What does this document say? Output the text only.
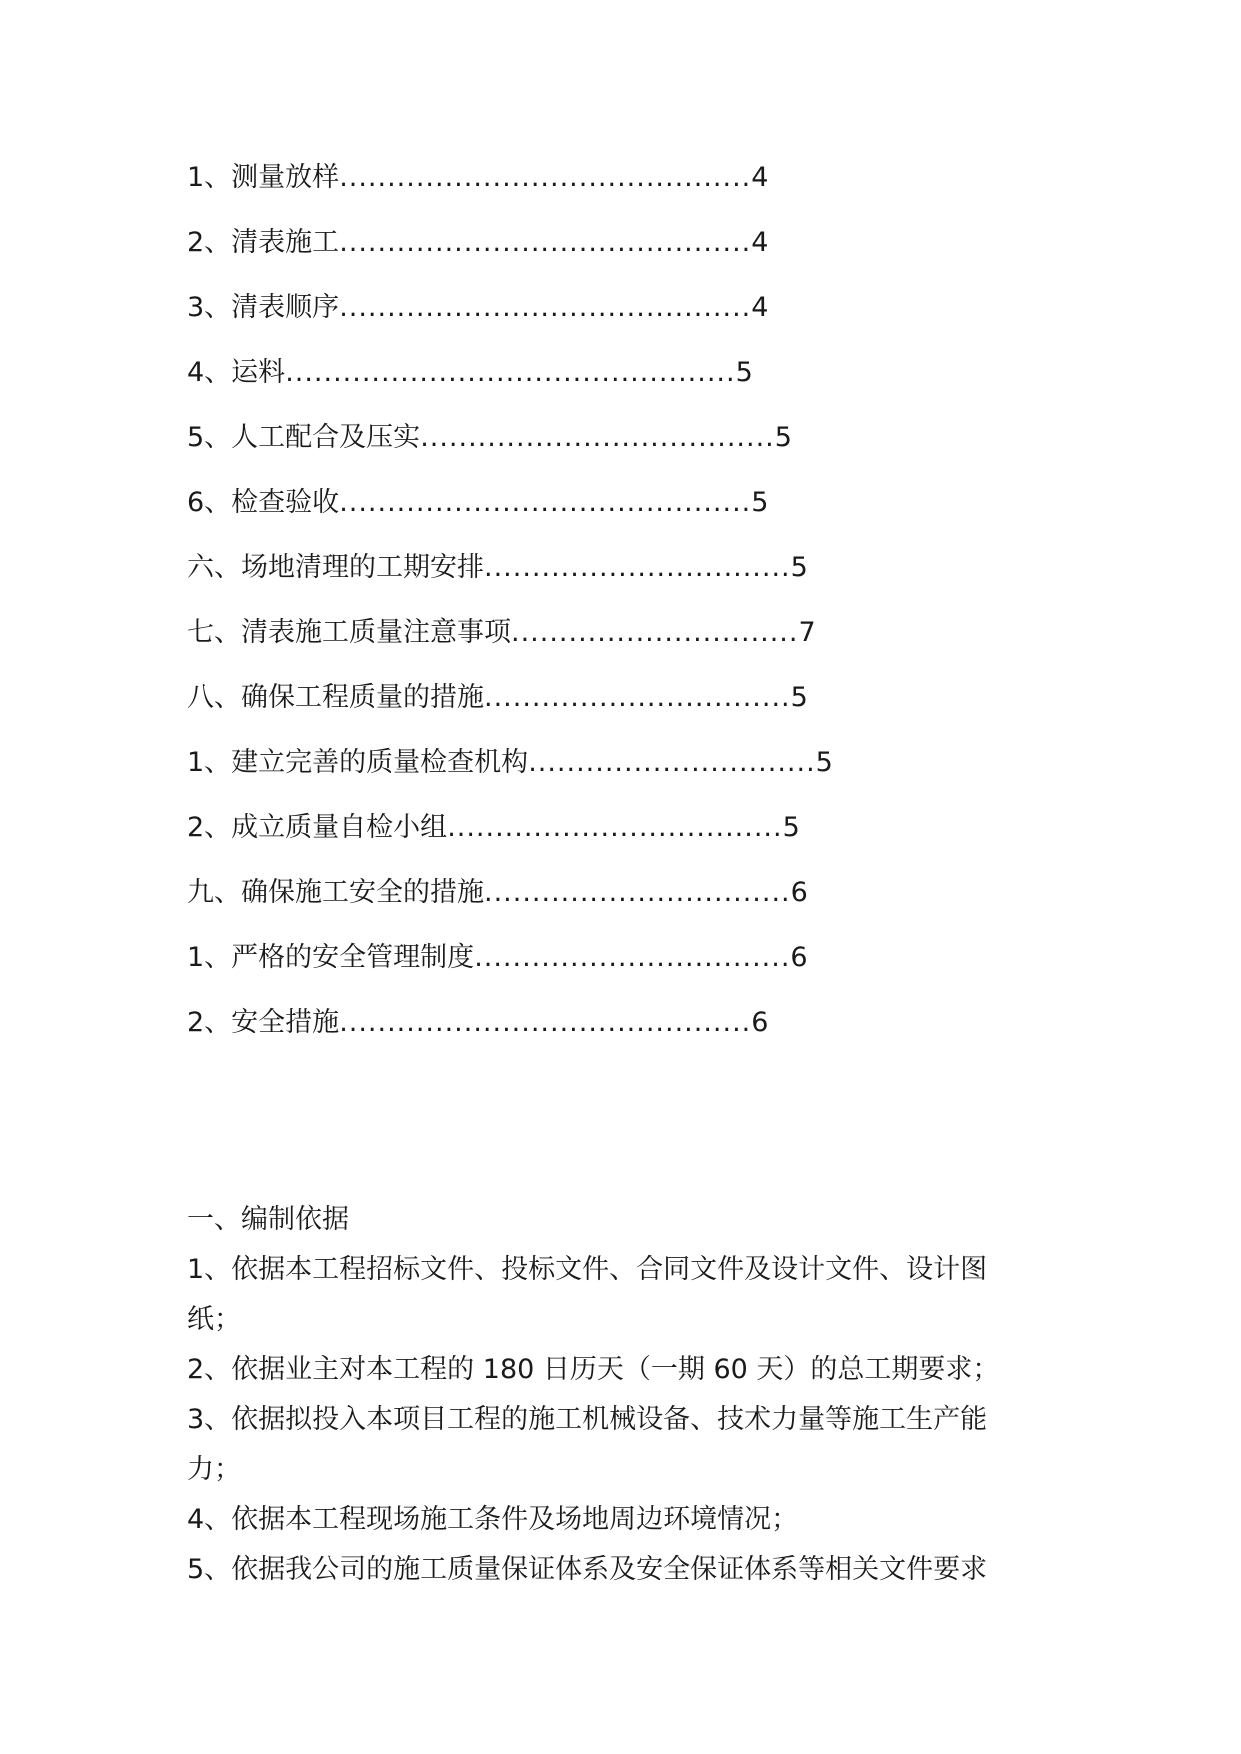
1、测量放样...........................................4
2、清表施工...........................................4
3、清表顺序...........................................4
4、运料...............................................5
5、人工配合及压实.....................................5
6、检查验收...........................................5
六、场地清理的工期安排................................5
七、清表施工质量注意事项..............................7
八、确保工程质量的措施................................5
1、建立完善的质量检查机构..............................5
2、成立质量自检小组...................................5
九、确保施工安全的措施................................6
1、严格的安全管理制度.................................6
2、安全措施...........................................6
一、编制依据
1、依据本工程招标文件、投标文件、合同文件及设计文件、设计图
纸；
2、依据业主对本工程的 180 日历天（一期 60 天）的总工期要求；
3、依据拟投入本项目工程的施工机械设备、技术力量等施工生产能
力；
4、依据本工程现场施工条件及场地周边环境情况；
5、依据我公司的施工质量保证体系及安全保证体系等相关文件要求
